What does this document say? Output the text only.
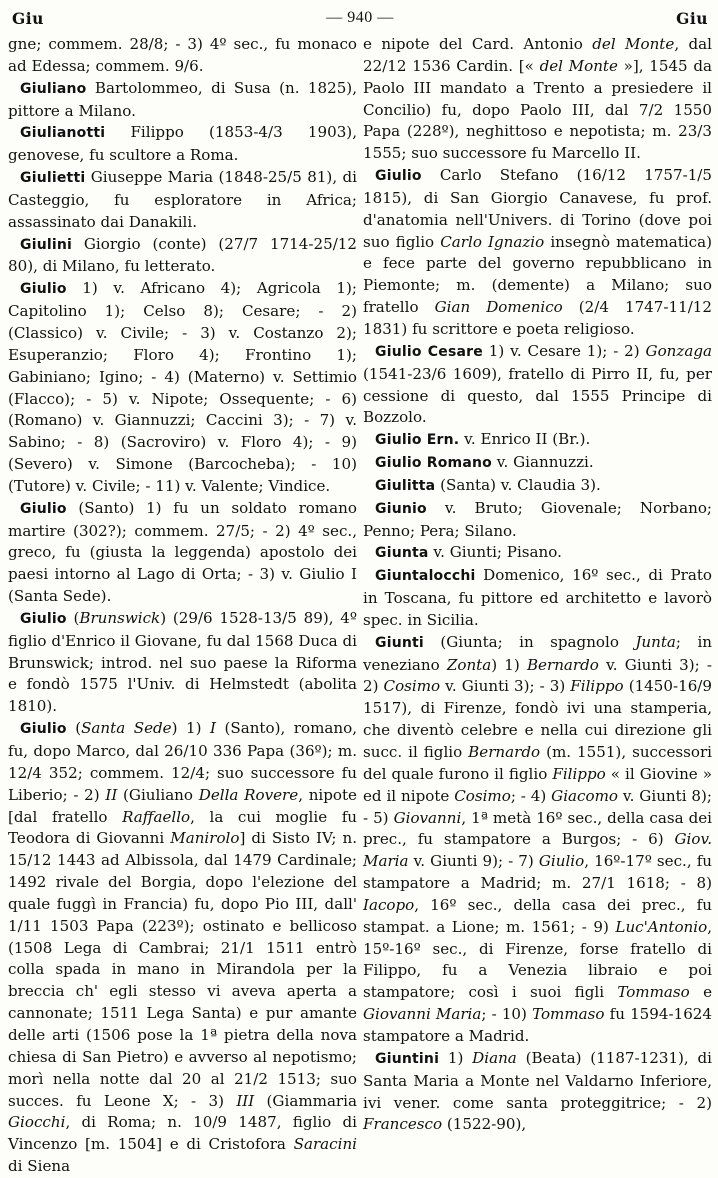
Giu	— 940 —	Giu

gne; commem. 28/8; - 3) 4º sec., fu monaco ad Edessa; commem. 9/6.

Giuliano Bartolommeo, di Susa (n. 1825), pittore a Milano.

Giulianotti Filippo (1853-4/3 1903), genovese, fu scultore a Roma.

Giulietti Giuseppe Maria (1848-25/5 81), di Casteggio, fu esploratore in Africa; assassinato dai Danakili.

Giulini Giorgio (conte) (27/7 1714-25/12 80), di Milano, fu letterato.

Giulio 1) v. Africano 4); Agricola 1); Capitolino 1); Celso 8); Cesare; - 2) (Classico) v. Civile; - 3) v. Costanzo 2); Esuperanzio; Floro 4); Frontino 1); Gabiniano; Igino; - 4) (Materno) v. Settimio (Flacco); - 5) v. Nipote; Ossequente; - 6) (Romano) v. Giannuzzi; Caccini 3); - 7) v. Sabino; - 8) (Sacroviro) v. Floro 4); - 9) (Severo) v. Simone (Barcocheba); - 10) (Tutore) v. Civile; - 11) v. Valente; Vindice.

Giulio (Santo) 1) fu un soldato romano martire (302?); commem. 27/5; - 2) 4º sec., greco, fu (giusta la leggenda) apostolo dei paesi intorno al Lago di Orta; - 3) v. Giulio I (Santa Sede).

Giulio (Brunswick) (29/6 1528-13/5 89), 4º figlio d'Enrico il Giovane, fu dal 1568 Duca di Brunswick; introd. nel suo paese la Riforma e fondò 1575 l'Univ. di Helmstedt (abolita 1810).

Giulio (Santa Sede) 1) I (Santo), romano, fu, dopo Marco, dal 26/10 336 Papa (36º); m. 12/4 352; commem. 12/4; suo successore fu Liberio; - 2) II (Giuliano Della Rovere, nipote [dal fratello Raffaello, la cui moglie fu Teodora di Giovanni Manirolo] di Sisto IV; n. 15/12 1443 ad Albissola, dal 1479 Cardinale; 1492 rivale del Borgia, dopo l'elezione del quale fuggì in Francia) fu, dopo Pio III, dall' 1/11 1503 Papa (223º); ostinato e bellicoso (1508 Lega di Cambrai; 21/1 1511 entrò colla spada in mano in Mirandola per la breccia ch' egli stesso vi aveva aperta a cannonate; 1511 Lega Santa) e pur amante delle arti (1506 pose la 1ª pietra della nova chiesa di San Pietro) e avverso al nepotismo; morì nella notte dal 20 al 21/2 1513; suo succes. fu Leone X; - 3) III (Giammaria Giocchi, di Roma; n. 10/9 1487, figlio di Vincenzo [m. 1504] e di Cristofora Saracini di Siena

e nipote del Card. Antonio del Monte, dal 22/12 1536 Cardin. [« del Monte »], 1545 da Paolo III mandato a Trento a presiedere il Concilio) fu, dopo Paolo III, dal 7/2 1550 Papa (228º), neghittoso e nepotista; m. 23/3 1555; suo successore fu Marcello II.

Giulio Carlo Stefano (16/12 1757-1/5 1815), di San Giorgio Canavese, fu prof. d'anatomia nell'Univers. di Torino (dove poi suo figlio Carlo Ignazio insegnò matematica) e fece parte del governo repubblicano in Piemonte; m. (demente) a Milano; suo fratello Gian Domenico (2/4 1747-11/12 1831) fu scrittore e poeta religioso.

Giulio Cesare 1) v. Cesare 1); - 2) Gonzaga (1541-23/6 1609), fratello di Pirro II, fu, per cessione di questo, dal 1555 Principe di Bozzolo.

Giulio Ern. v. Enrico II (Br.).

Giulio Romano v. Giannuzzi.

Giulitta (Santa) v. Claudia 3).

Giunio v. Bruto; Giovenale; Norbano; Penno; Pera; Silano.

Giunta v. Giunti; Pisano.

Giuntalocchi Domenico, 16º sec., di Prato in Toscana, fu pittore ed architetto e lavorò spec. in Sicilia.

Giunti (Giunta; in spagnolo Junta; in veneziano Zonta) 1) Bernardo v. Giunti 3); - 2) Cosimo v. Giunti 3); - 3) Filippo (1450-16/9 1517), di Firenze, fondò ivi una stamperia, che diventò celebre e nella cui direzione gli succ. il figlio Bernardo (m. 1551), successori del quale furono il figlio Filippo « il Giovine » ed il nipote Cosimo; - 4) Giacomo v. Giunti 8); - 5) Giovanni, 1ª metà 16º sec., della casa dei prec., fu stampatore a Burgos; - 6) Giov. Maria v. Giunti 9); - 7) Giulio, 16º-17º sec., fu stampatore a Madrid; m. 27/1 1618; - 8) Iacopo, 16º sec., della casa dei prec., fu stampat. a Lione; m. 1561; - 9) Luc'Antonio, 15º-16º sec., di Firenze, forse fratello di Filippo, fu a Venezia libraio e poi stampatore; così i suoi figli Tommaso e Giovanni Maria; - 10) Tommaso fu 1594-1624 stampatore a Madrid.

Giuntini 1) Diana (Beata) (1187-1231), di Santa Maria a Monte nel Valdarno Inferiore, ivi vener. come santa proteggitrice; - 2) Francesco (1522-90),
